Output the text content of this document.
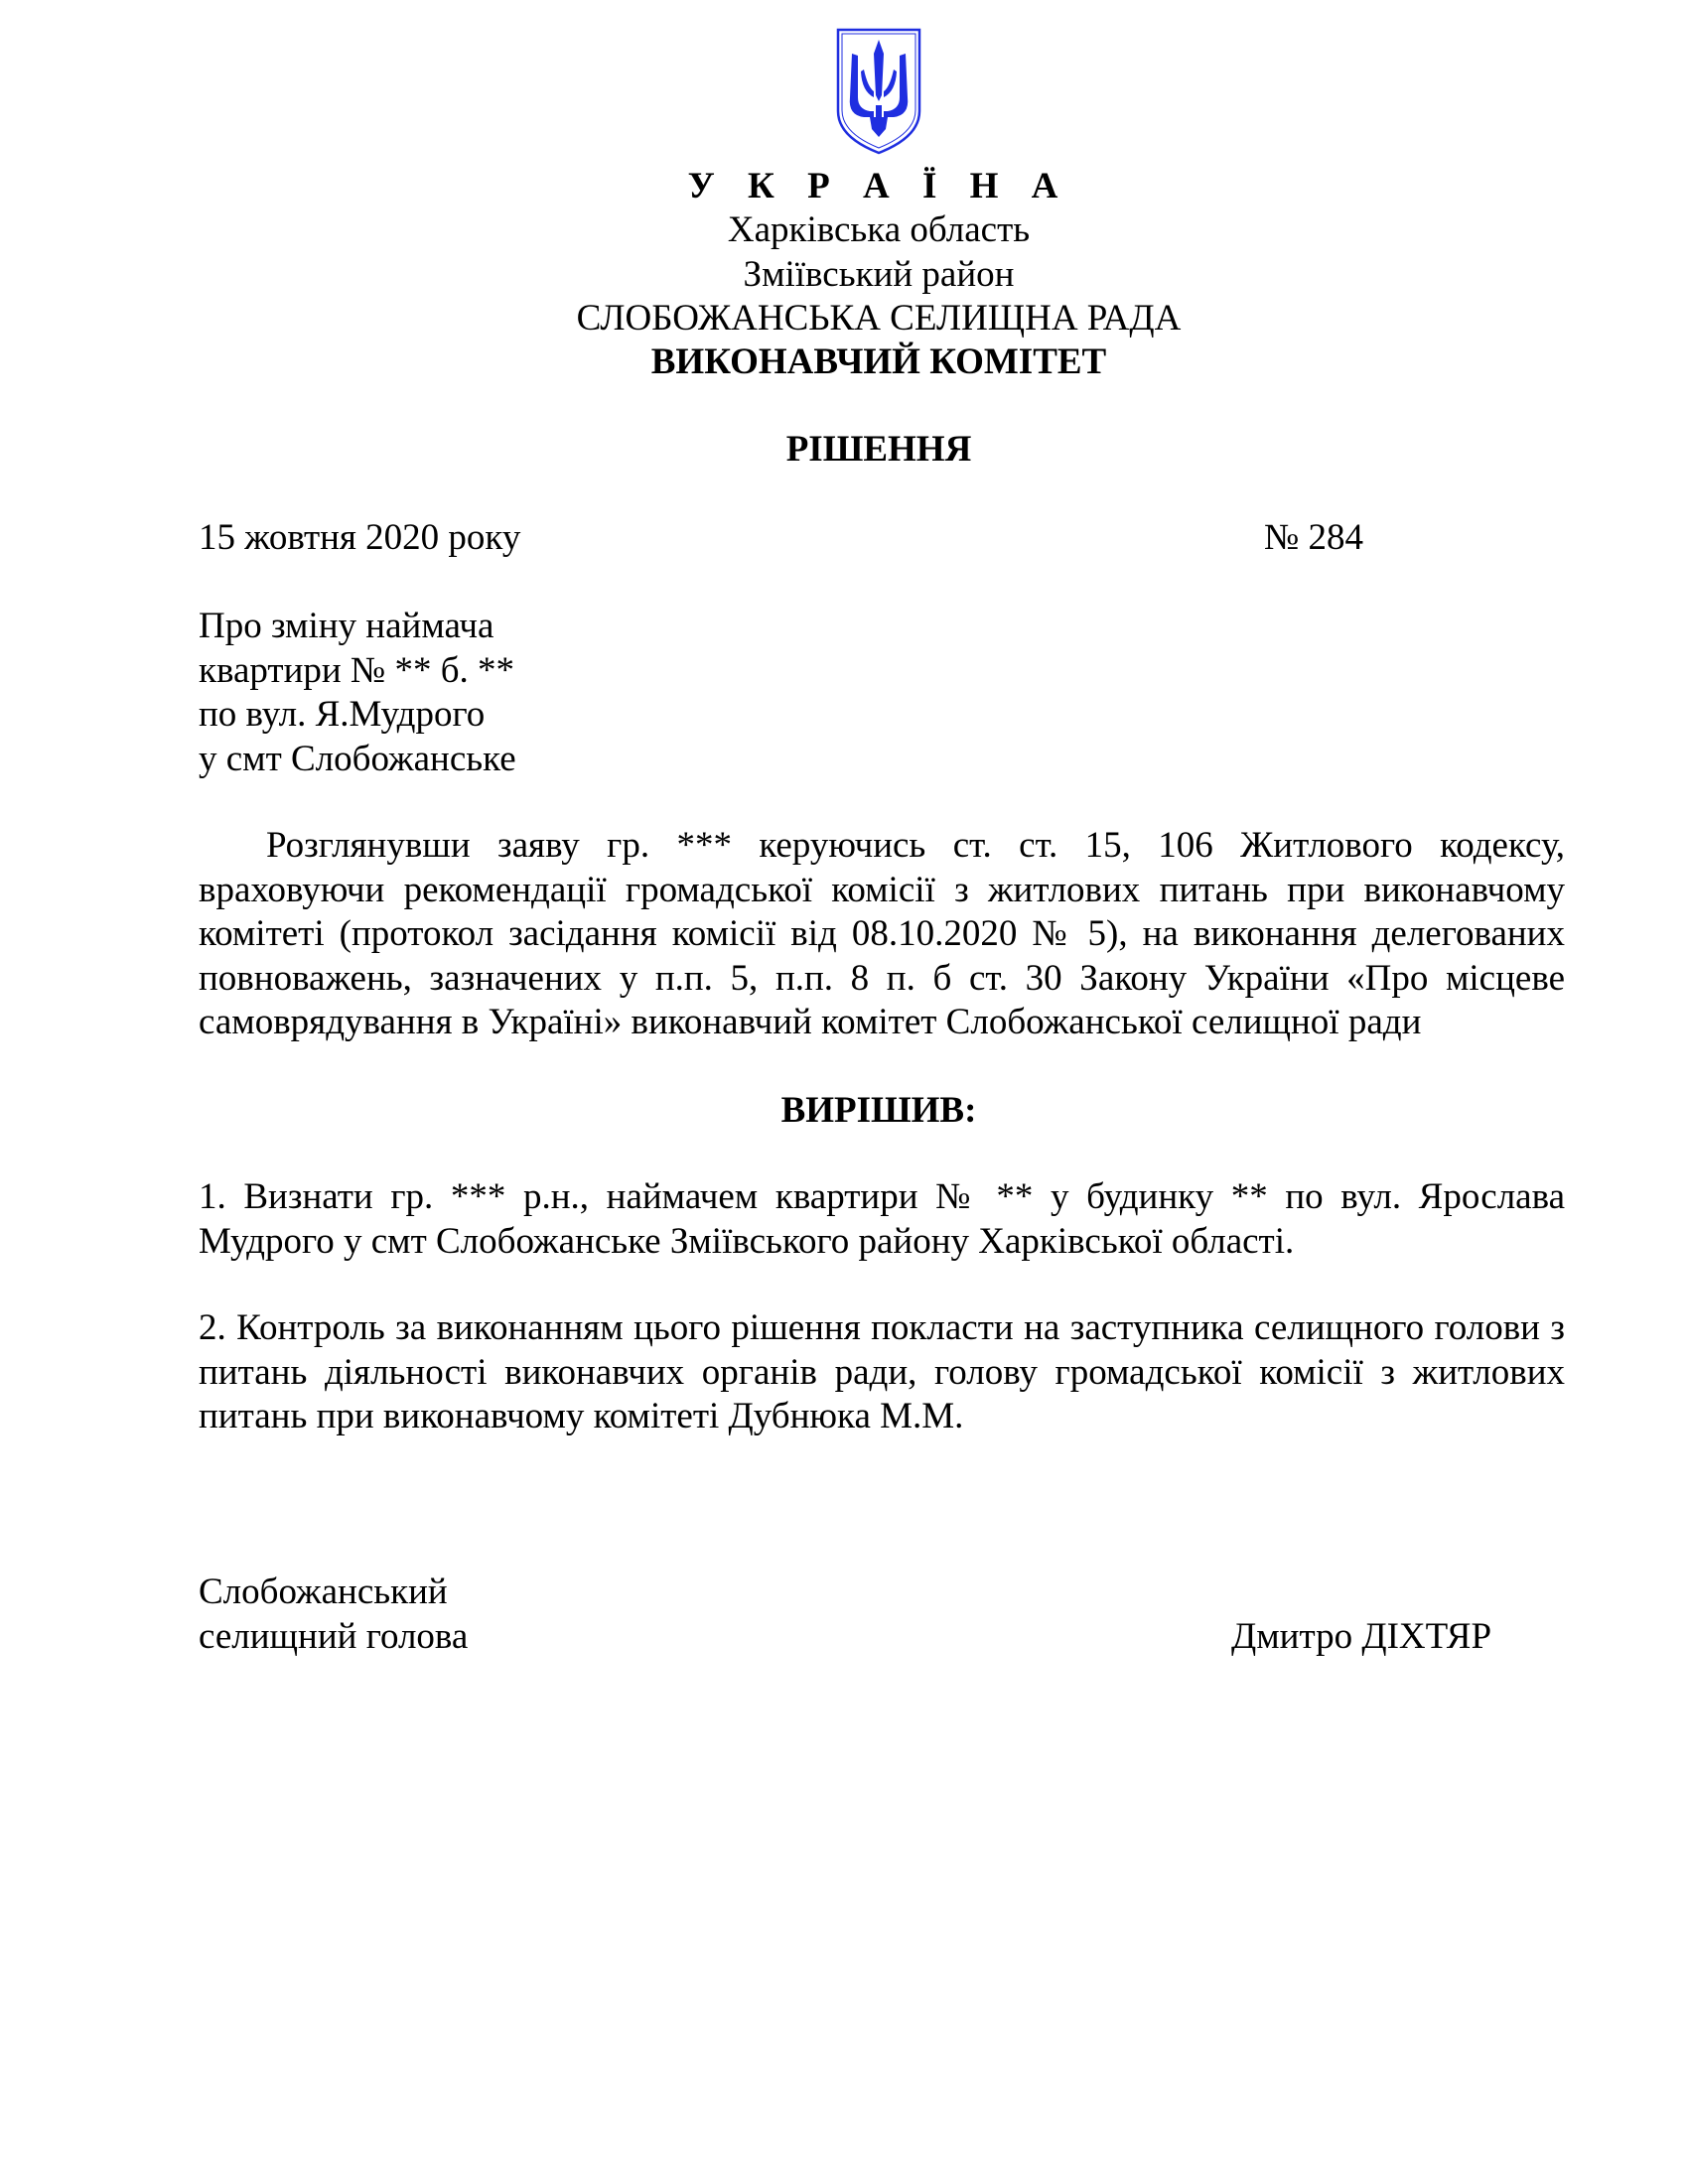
У К Р А Ї Н А
Харківська область
Зміївський район
СЛОБОЖАНСЬКА СЕЛИЩНА РАДА
ВИКОНАВЧИЙ КОМІТЕТ
РІШЕННЯ
15 жовтня 2020 року	№ 284
Про зміну наймача
квартири № ** б. **
по вул. Я.Мудрого
у смт Слобожанське
Розглянувши заяву гр. *** керуючись ст. ст. 15, 106 Житлового кодексу, враховуючи рекомендації громадської комісії з житлових питань при виконавчому комітеті (протокол засідання комісії від 08.10.2020 № 5), на виконання делегованих повноважень, зазначених у п.п. 5, п.п. 8 п. б ст. 30 Закону України «Про місцеве самоврядування в Україні» виконавчий комітет Слобожанської селищної ради
ВИРІШИВ:
1. Визнати гр. *** р.н., наймачем квартири № ** у будинку ** по вул. Ярослава Мудрого у смт Слобожанське Зміївського району Харківської області.
2. Контроль за виконанням цього рішення покласти на заступника селищного голови з питань діяльності виконавчих органів ради, голову громадської комісії з житлових питань при виконавчому комітеті Дубнюка М.М.
Слобожанський
селищний голова	Дмитро ДІХТЯР
